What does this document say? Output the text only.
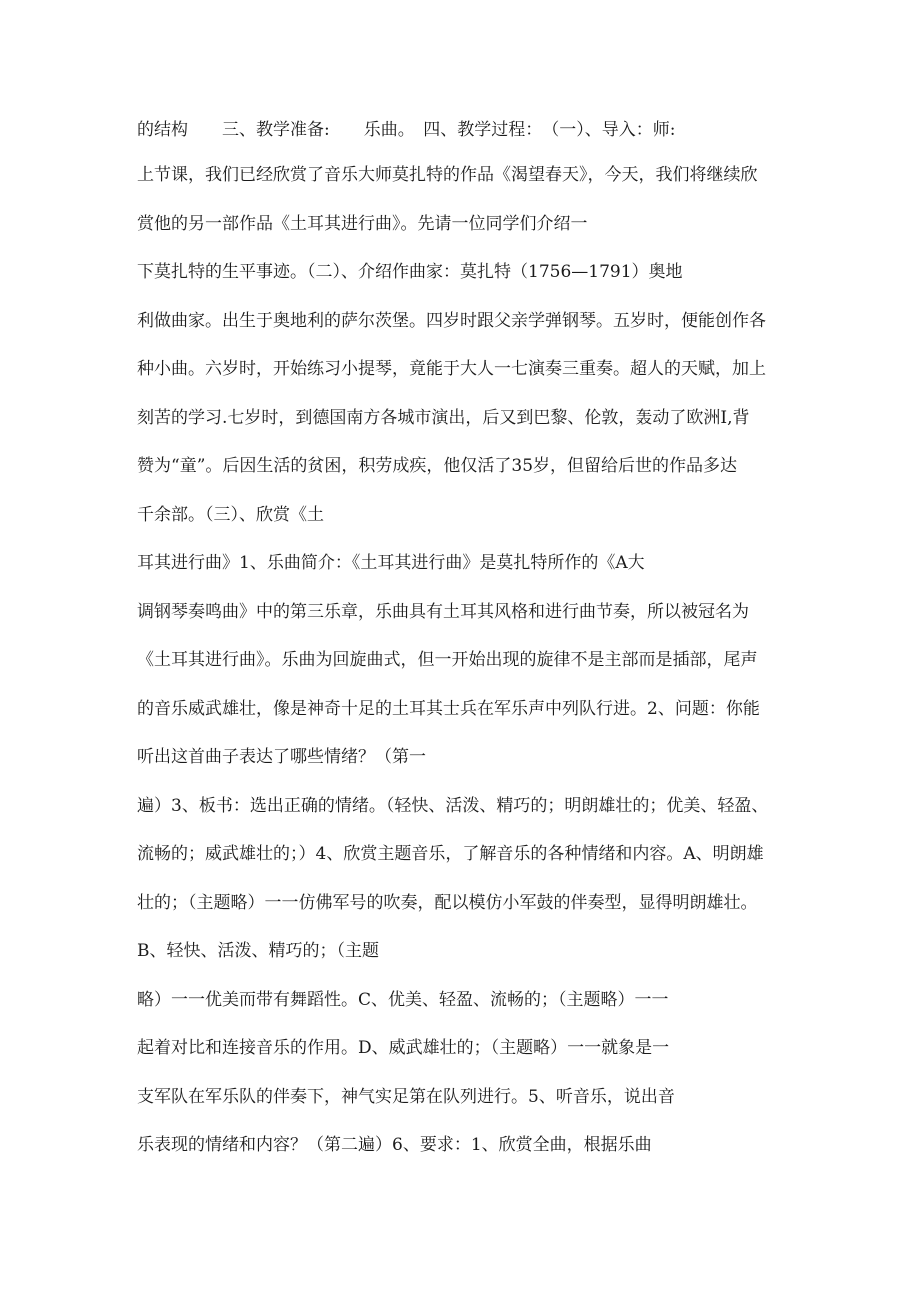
的结构　　三、教学准备:　　乐曲。　四、教学过程：　（一）、导入：师:

上节课，我们已经欣赏了音乐大师莫扎特的作品《渴望春天》，今天，我们将继续欣

赏他的另一部作品《土耳其进行曲》。先请一位同学们介绍一

下莫扎特的生平事迹。（二）、介绍作曲家：莫扎特（1756—1791）奥地

利做曲家。出生于奥地利的萨尔茨堡。四岁时跟父亲学弹钢琴。五岁时，便能创作各

种小曲。六岁时，开始练习小提琴，竟能于大人一七演奏三重奏。超人的天赋，加上

刻苦的学习.七岁时，到德国南方各城市演出，后又到巴黎、伦敦，轰动了欧洲I,背

赞为“童”。后因生活的贫困，积劳成疾，他仅活了35岁，但留给后世的作品多达

千余部。（三）、欣赏《土

耳其进行曲》1、乐曲简介：《土耳其进行曲》是莫扎特所作的《A大

调钢琴奏鸣曲》中的第三乐章，乐曲具有土耳其风格和进行曲节奏，所以被冠名为

《土耳其进行曲》。乐曲为回旋曲式，但一开始出现的旋律不是主部而是插部，尾声

的音乐威武雄壮，像是神奇十足的土耳其士兵在军乐声中列队行进。2、问题：你能

听出这首曲子表达了哪些情绪？（第一

遍）3、板书：选出正确的情绪。（轻快、活泼、精巧的；明朗雄壮的；优美、轻盈、

流畅的；威武雄壮的；）4、欣赏主题音乐，了解音乐的各种情绪和内容。A、明朗雄

壮的；（主题略）一一仿佛军号的吹奏，配以模仿小军鼓的伴奏型，显得明朗雄壮。

B、轻快、活泼、精巧的；（主题

略）一一优美而带有舞蹈性。C、优美、轻盈、流畅的；（主题略）一一

起着对比和连接音乐的作用。D、威武雄壮的；（主题略）一一就象是一

支军队在军乐队的伴奏下，神气实足第在队列进行。5、听音乐，说出音

乐表现的情绪和内容？（第二遍）6、要求：1、欣赏全曲，根据乐曲
